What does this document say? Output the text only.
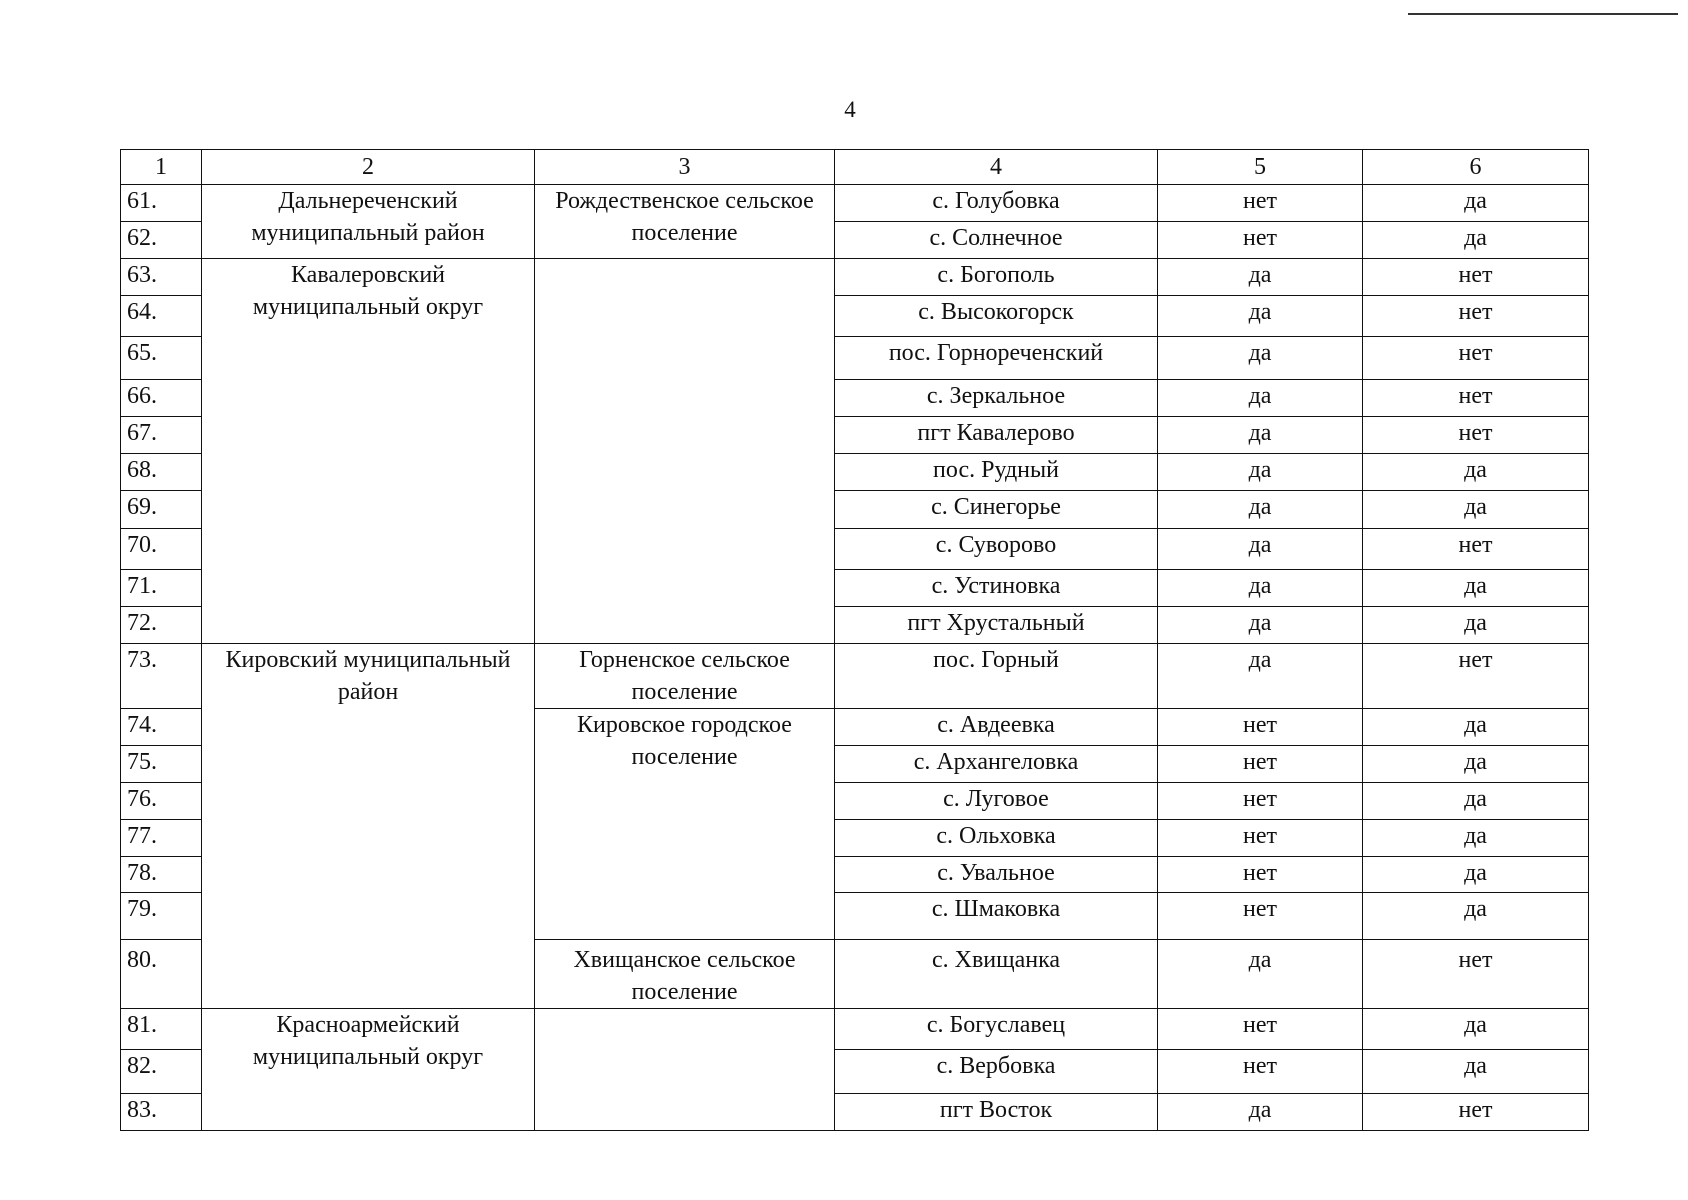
4
1	2	3	4	5	6
61.	Дальнереченский муниципальный район	Рождественское сельское поселение	с. Голубовка	нет	да
62.			с. Солнечное	нет	да
63.	Кавалеровский муниципальный округ		с. Богополь	да	нет
64.			с. Высокогорск	да	нет
65.			пос. Горнореченский	да	нет
66.			с. Зеркальное	да	нет
67.			пгт Кавалерово	да	нет
68.			пос. Рудный	да	да
69.			с. Синегорье	да	да
70.			с. Суворово	да	нет
71.			с. Устиновка	да	да
72.			пгт Хрустальный	да	да
73.	Кировский муниципальный район	Горненское сельское поселение	пос. Горный	да	нет
74.		Кировское городское поселение	с. Авдеевка	нет	да
75.			с. Архангеловка	нет	да
76.			с. Луговое	нет	да
77.			с. Ольховка	нет	да
78.			с. Увальное	нет	да
79.			с. Шмаковка	нет	да
80.		Хвищанское сельское поселение	с. Хвищанка	да	нет
81.	Красноармейский муниципальный округ		с. Богуславец	нет	да
82.			с. Вербовка	нет	да
83.			пгт Восток	да	нет
